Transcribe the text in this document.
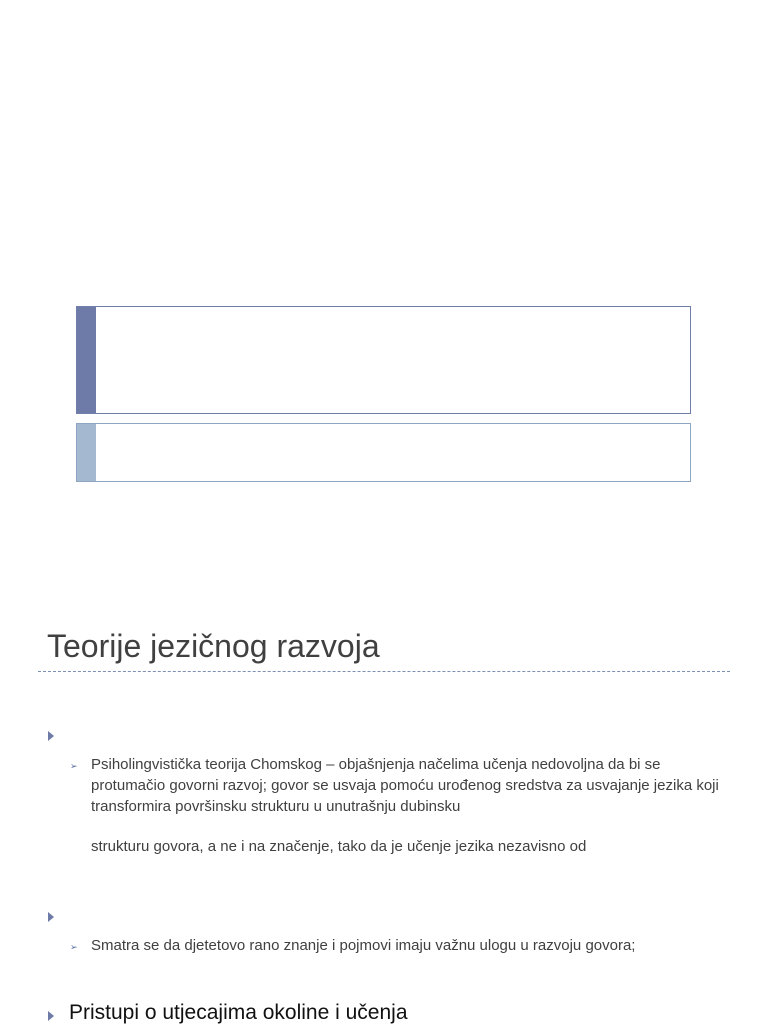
Teorije jezičnog razvoja
➢ Psiholingvistička teorija Chomskog – objašnjenja načelima učenja nedovoljna da bi se protumačio govorni razvoj; govor se usvaja pomoću urođenog sredstva za usvajanje jezika koji transformira površinsku strukturu u unutrašnju dubinsku

strukturu govora, a ne i na značenje, tako da je učenje jezika nezavisno od

➢ Smatra se da djetetovo rano znanje i pojmovi imaju važnu ulogu u razvoju govora;

Pristupi o utjecajima okoline i učenja
